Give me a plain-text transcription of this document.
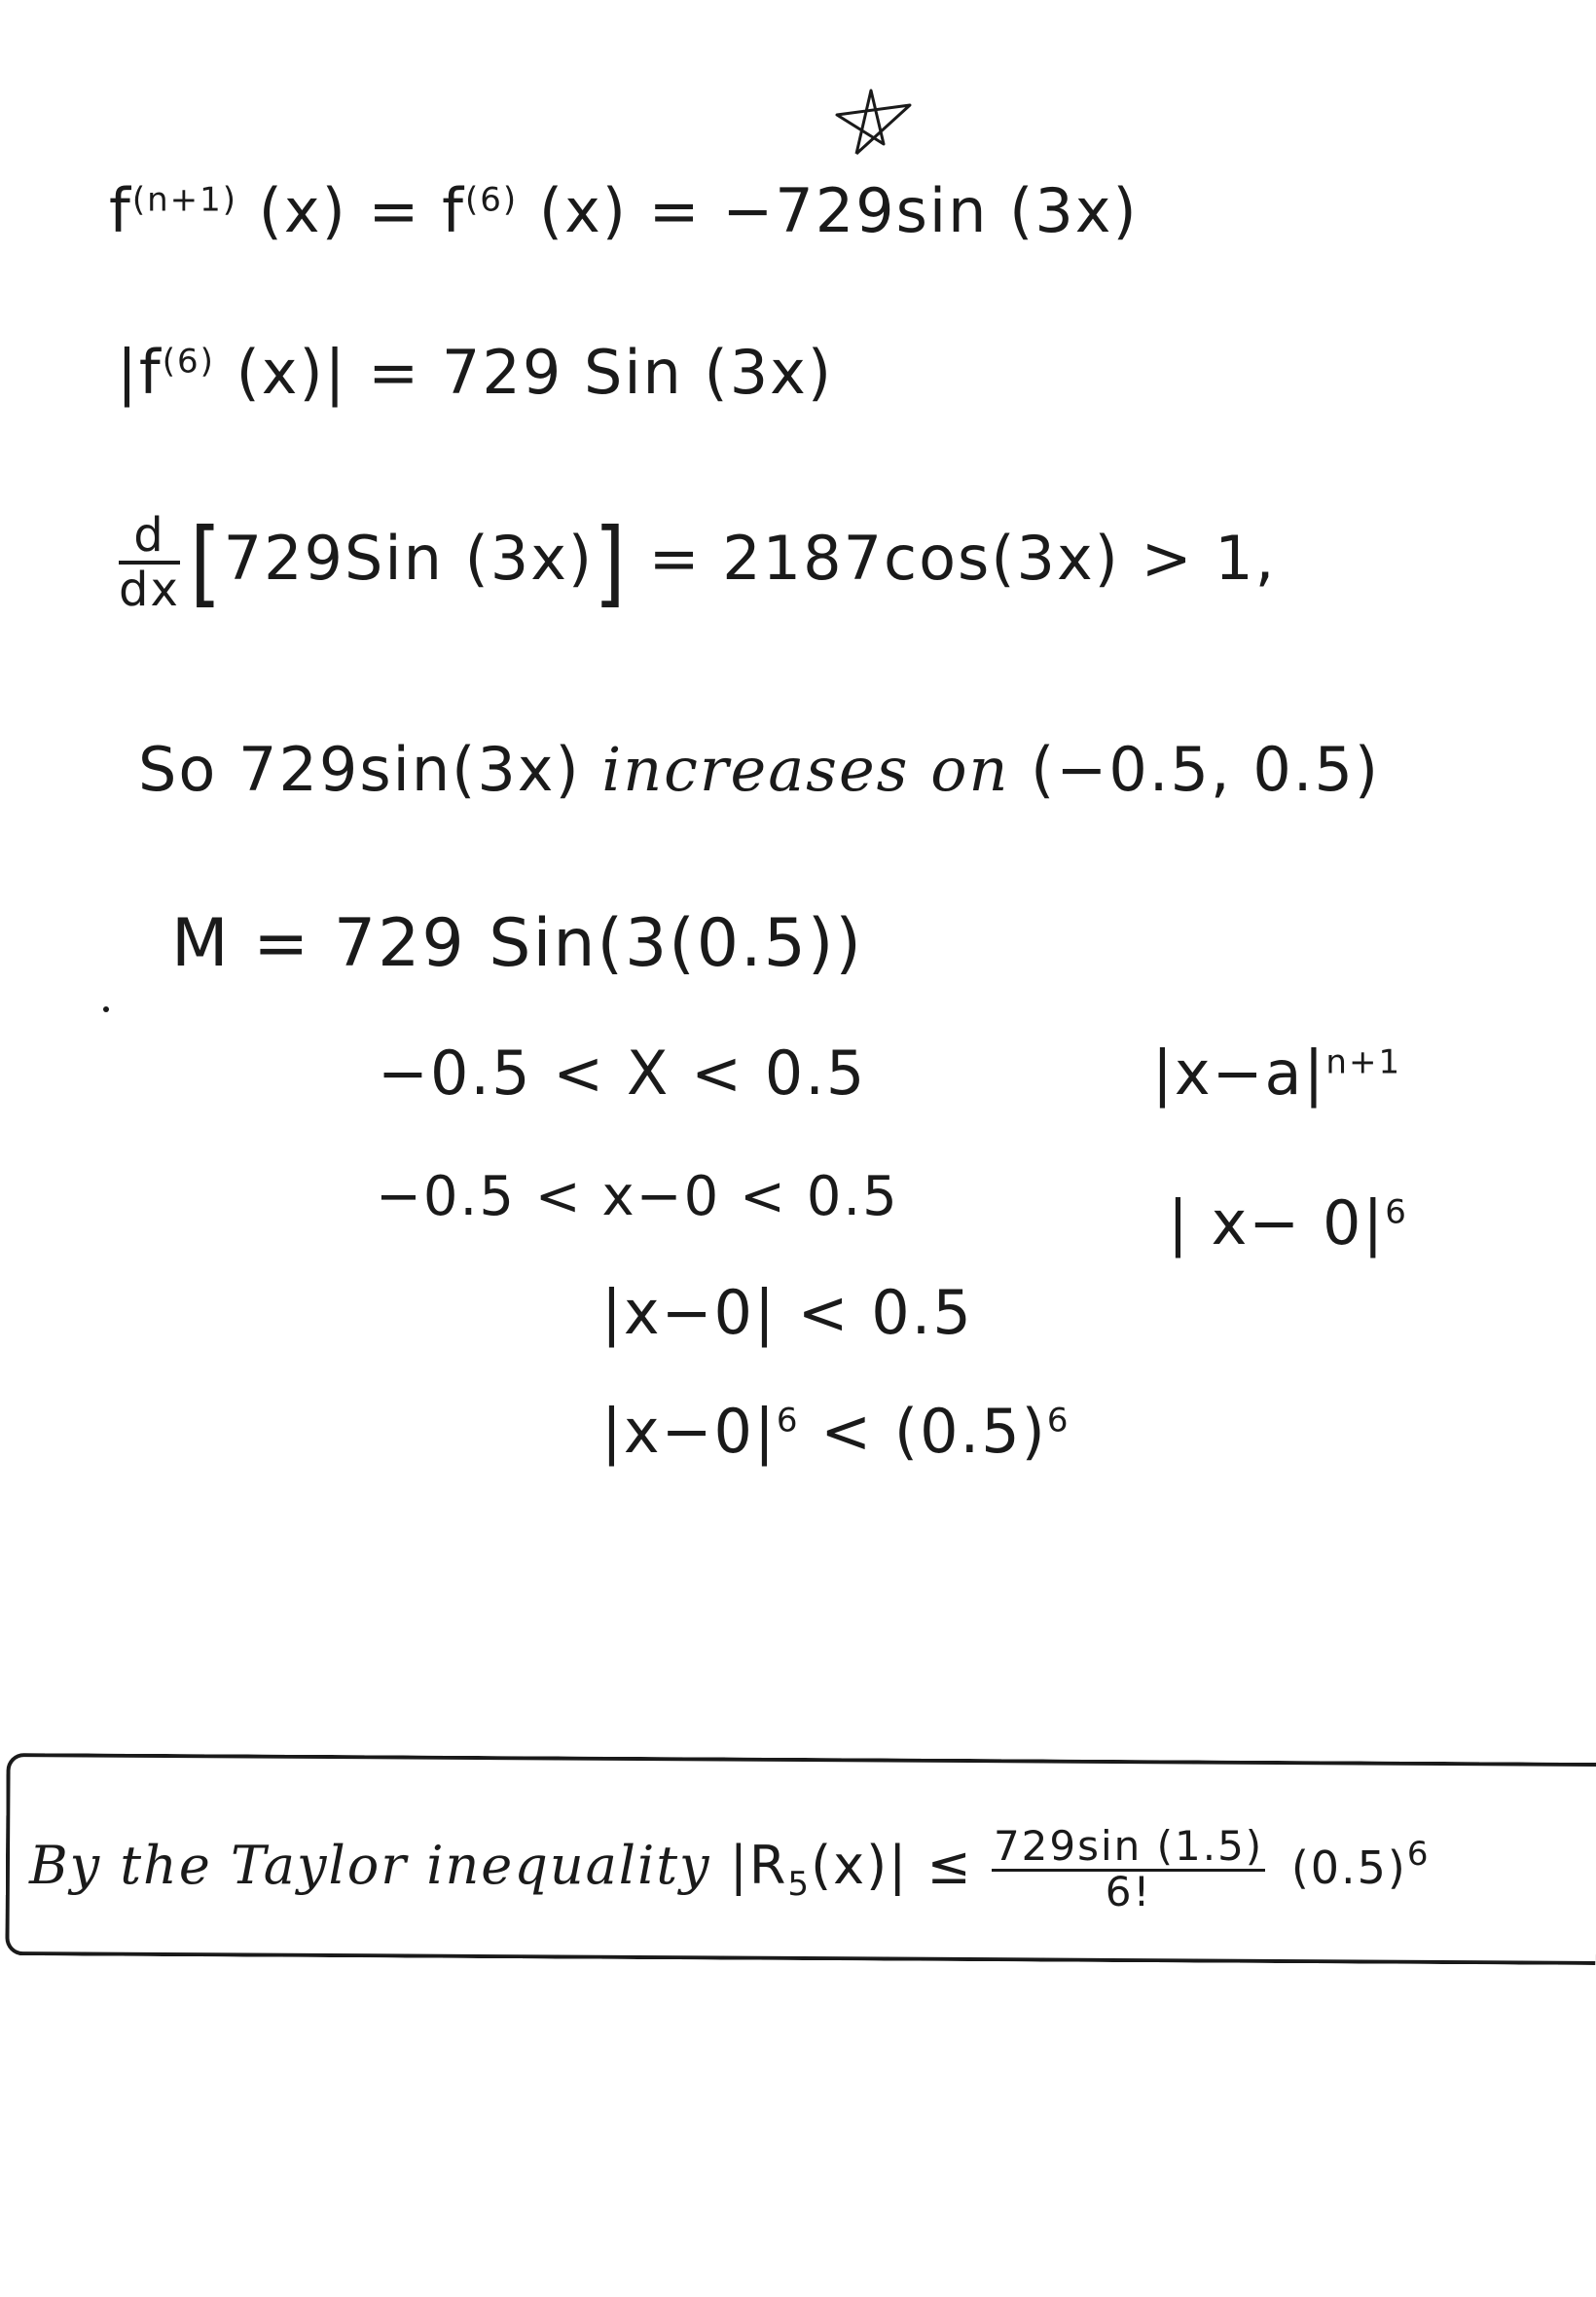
$f^{(n+1)}$ $(x) = f^{(6)}$ (x) = −729sin (3x)
$|f^{(6)}$ (x)| = 729 Sin (3x)
$\frac{d}{dx} [729Sin$ (3x)] = 2187cos(3x) > 1,
So 729sin(3x) increases on (−0.5, 0.5)
M = 729 Sin(3(0.5))
−0.5 < X < 0.5
−0.5 < x−0 < 0.5
|x−0| < 0.5
$|x-0|^6 < (0.5)^6$
$|x-a|^{n+1}$
| $x- 0|^6$
By the Taylor inequality $|R_5(x)| \le \frac{729\sin (1.5)}{6!} (0.5)^6$
